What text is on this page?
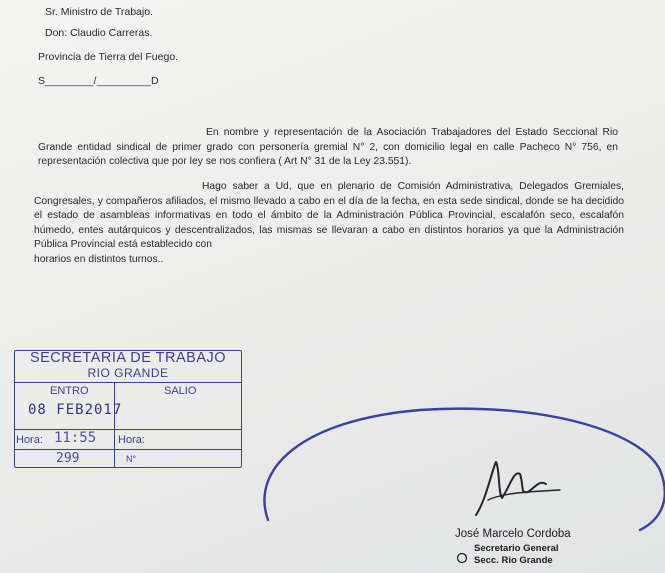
Sr. Ministro de Trabajo.
Don: Claudio Carreras.
Provincia de Tierra del Fuego.
S________/_________D
En nombre y representación de la Asociación Trabajadores del Estado Seccional Rio Grande entidad sindical de primer grado con personería gremial N° 2, con domicilio legal en calle Pacheco N° 756, en representación colectiva que por ley se nos confiera ( Art N° 31 de la Ley 23.551).
Hago saber a Ud, que en plenario de Comisión Administrativa, Delegados Gremiales, Congresales, y compañeros afiliados, el mismo llevado a cabo en el día de la fecha, en esta sede sindical, donde se ha decidido el estado de asambleas informativas en todo el ámbito de la Administración Pública Provincial, escalafón seco, escalafón húmedo, entes autárquicos y descentralizados, las mismas se llevaran a cabo en distintos horarios ya que la Administración Pública Provincial está establecido con
horarios en distintos turnos..
SECRETARIA DE TRABAJO
RIO GRANDE
ENTRO	SALIO
08 FEB2017
Hora: 11:55 Hora:
299	N°
José Marcelo Cordoba
Secretario General
Secc. Rio Grande
